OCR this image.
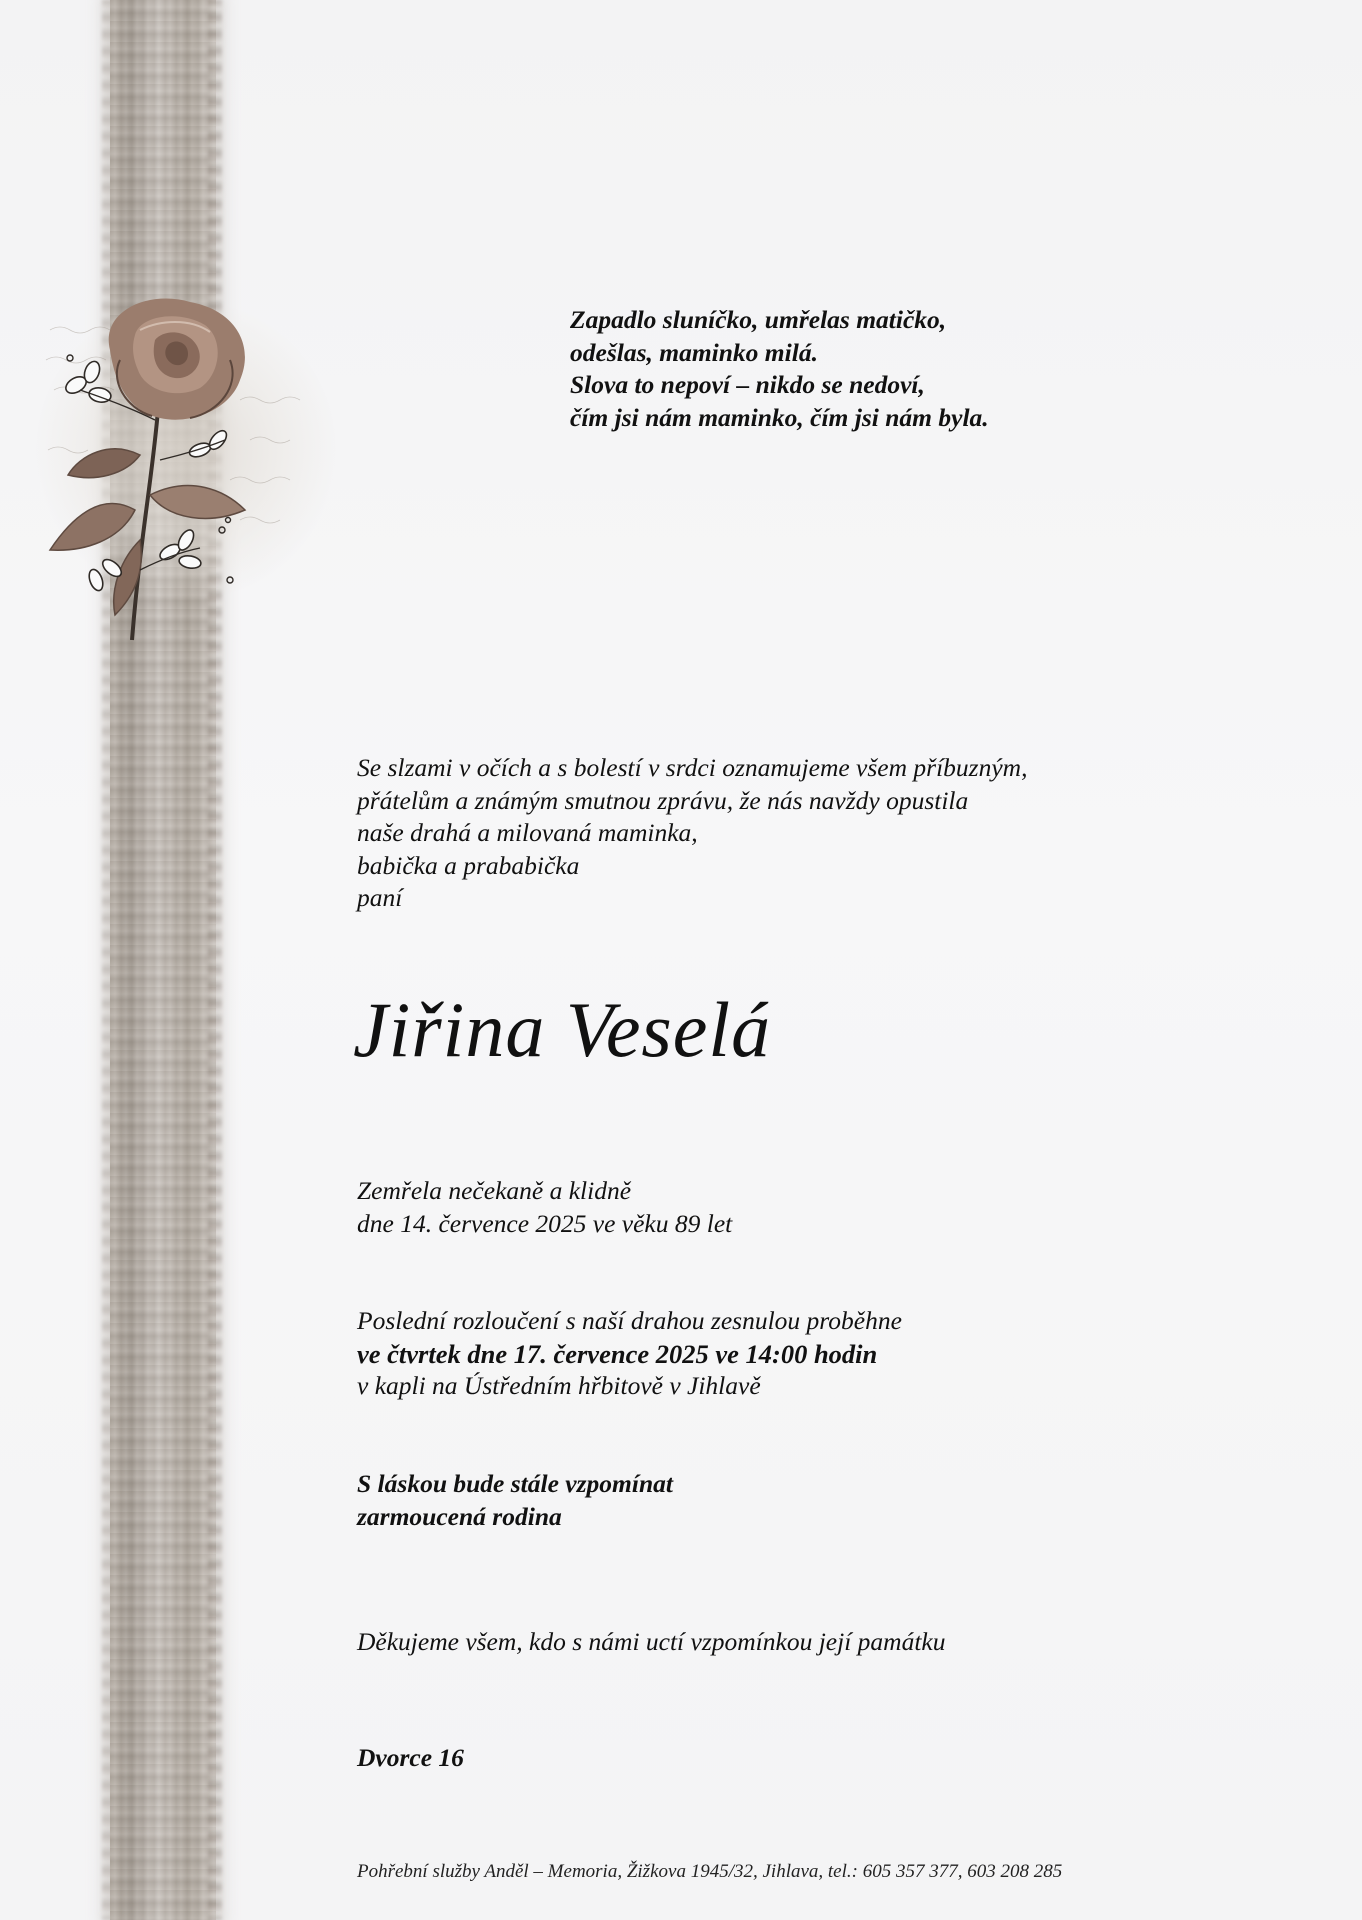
Zapadlo sluníčko, umřelas matičko,
odešlas, maminko milá.
Slova to nepoví – nikdo se nedoví,
čím jsi nám maminko, čím jsi nám byla.
Se slzami v očích a s bolestí v srdci oznamujeme všem příbuzným,
přátelům a známým smutnou zprávu, že nás navždy opustila
naše drahá a milovaná maminka,
babička a prababička
paní
Jiřina Veselá
Zemřela nečekaně a klidně
dne 14. července 2025 ve věku 89 let
Poslední rozloučení s naší drahou zesnulou proběhne
ve čtvrtek dne 17. července 2025 ve 14:00 hodin
v kapli na Ústředním hřbitově v Jihlavě
S láskou bude stále vzpomínat
zarmoucená rodina
Děkujeme všem, kdo s námi uctí vzpomínkou její památku
Dvorce 16
Pohřební služby Anděl – Memoria, Žižkova 1945/32, Jihlava, tel.: 605 357 377, 603 208 285
